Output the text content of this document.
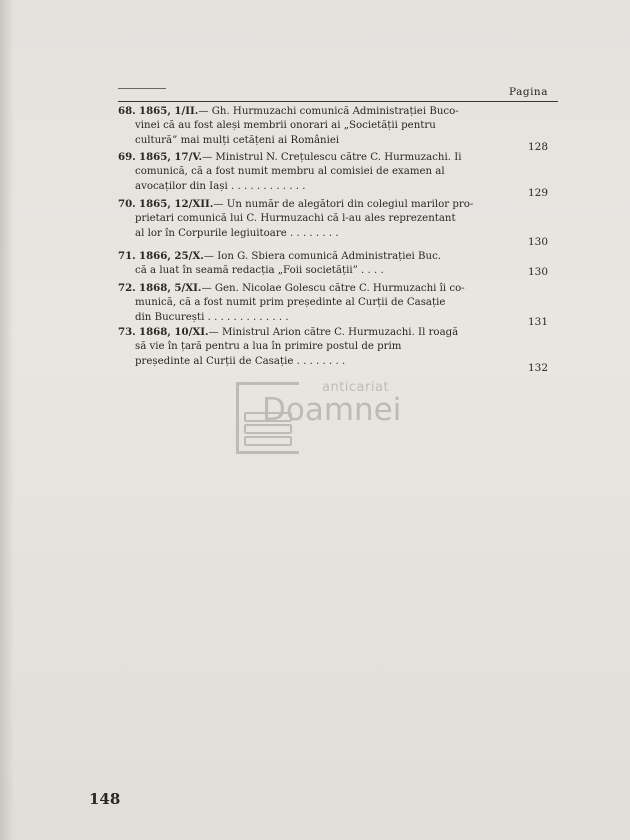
Pagina
68. 1865, 1/II.— Gh. Hurmuzachi comunică Administrației Buco-
vinei că au fost aleși membrii onorari ai „Societății pentru
cultură” mai mulți cetățeni ai României
128
69. 1865, 17/V.— Ministrul N. Crețulescu către C. Hurmuzachi. Ii
comunică, că a fost numit membru al comisiei de examen al
avocaților din Iași . . . . . . . . . . . .
129
70. 1865, 12/XII.— Un număr de alegători din colegiul marilor pro-
prietari comunică lui C. Hurmuzachi că l-au ales reprezentant
al lor în Corpurile legiuitoare . . . . . . . .
130
71. 1866, 25/X.— Ion G. Sbiera comunică Administrației Buc.
că a luat în seamă redacția „Foii societății” . . . .	130
72. 1868, 5/XI.— Gen. Nicolae Golescu către C. Hurmuzachi îi co-
munică, că a fost numit prim președinte al Curții de Casație
din București . . . . . . . . . . . . .	131
73. 1868, 10/XI.— Ministrul Arion către C. Hurmuzachi. Il roagă
să vie în țară pentru a lua în primire postul de prim
președinte al Curții de Casație . . . . . . . .
132
anticariat
Doamnei
148
